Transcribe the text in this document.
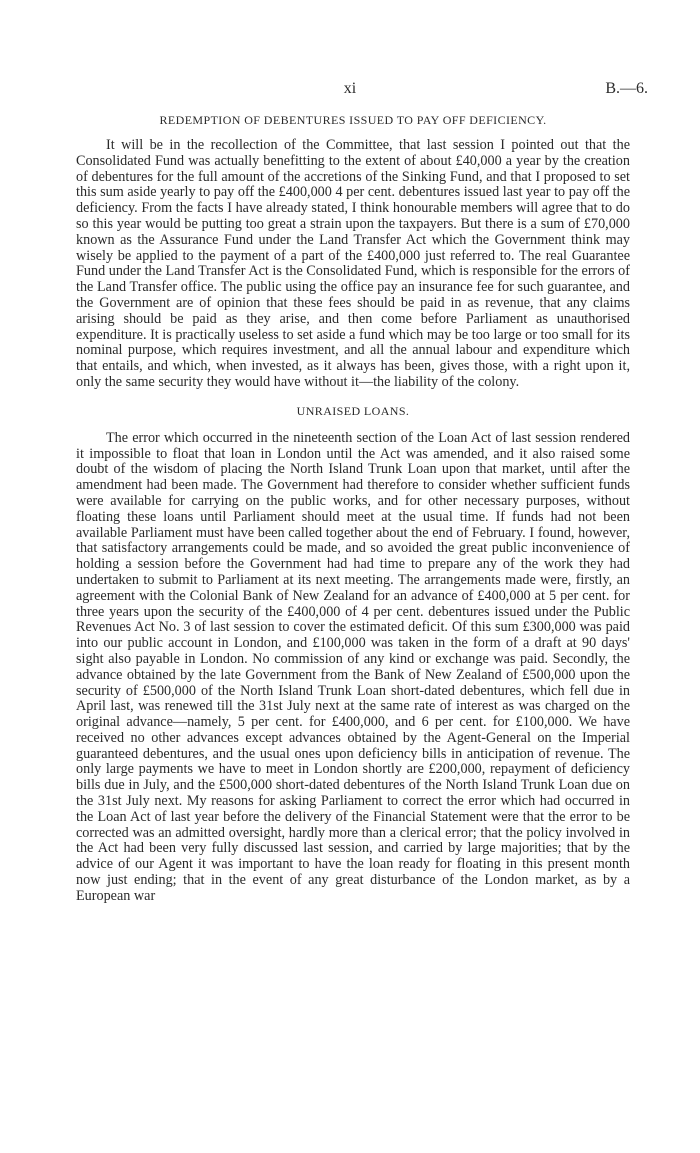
xi	B.—6.
REDEMPTION OF DEBENTURES ISSUED TO PAY OFF DEFICIENCY.

It will be in the recollection of the Committee, that last session I pointed out that the Consolidated Fund was actually benefitting to the extent of about £40,000 a year by the creation of debentures for the full amount of the accretions of the Sinking Fund, and that I proposed to set this sum aside yearly to pay off the £400,000 4 per cent. debentures issued last year to pay off the deficiency. From the facts I have already stated, I think honourable members will agree that to do so this year would be putting too great a strain upon the taxpayers. But there is a sum of £70,000 known as the Assurance Fund under the Land Transfer Act which the Government think may wisely be applied to the payment of a part of the £400,000 just referred to. The real Guarantee Fund under the Land Transfer Act is the Consolidated Fund, which is responsible for the errors of the Land Transfer office. The public using the office pay an insurance fee for such guarantee, and the Government are of opinion that these fees should be paid in as revenue, that any claims arising should be paid as they arise, and then come before Parliament as unauthorised expenditure. It is practically useless to set aside a fund which may be too large or too small for its nominal purpose, which requires investment, and all the annual labour and expenditure which that entails, and which, when invested, as it always has been, gives those, with a right upon it, only the same security they would have without it—the liability of the colony.

UNRAISED LOANS.

The error which occurred in the nineteenth section of the Loan Act of last session rendered it impossible to float that loan in London until the Act was amended, and it also raised some doubt of the wisdom of placing the North Island Trunk Loan upon that market, until after the amendment had been made. The Government had therefore to consider whether sufficient funds were available for carrying on the public works, and for other necessary purposes, without floating these loans until Parliament should meet at the usual time. If funds had not been available Parliament must have been called together about the end of February. I found, however, that satisfactory arrangements could be made, and so avoided the great public inconvenience of holding a session before the Government had had time to prepare any of the work they had undertaken to submit to Parliament at its next meeting. The arrangements made were, firstly, an agreement with the Colonial Bank of New Zealand for an advance of £400,000 at 5 per cent. for three years upon the security of the £400,000 of 4 per cent. debentures issued under the Public Revenues Act No. 3 of last session to cover the estimated deficit. Of this sum £300,000 was paid into our public account in London, and £100,000 was taken in the form of a draft at 90 days' sight also payable in London. No commission of any kind or exchange was paid. Secondly, the advance obtained by the late Government from the Bank of New Zealand of £500,000 upon the security of £500,000 of the North Island Trunk Loan short-dated debentures, which fell due in April last, was renewed till the 31st July next at the same rate of interest as was charged on the original advance—namely, 5 per cent. for £400,000, and 6 per cent. for £100,000. We have received no other advances except advances obtained by the Agent-General on the Imperial guaranteed debentures, and the usual ones upon deficiency bills in anticipation of revenue. The only large payments we have to meet in London shortly are £200,000, repayment of deficiency bills due in July, and the £500,000 short-dated debentures of the North Island Trunk Loan due on the 31st July next. My reasons for asking Parliament to correct the error which had occurred in the Loan Act of last year before the delivery of the Financial Statement were that the error to be corrected was an admitted oversight, hardly more than a clerical error; that the policy involved in the Act had been very fully discussed last session, and carried by large majorities; that by the advice of our Agent it was important to have the loan ready for floating in this present month now just ending; that in the event of any great disturbance of the London market, as by a European war
